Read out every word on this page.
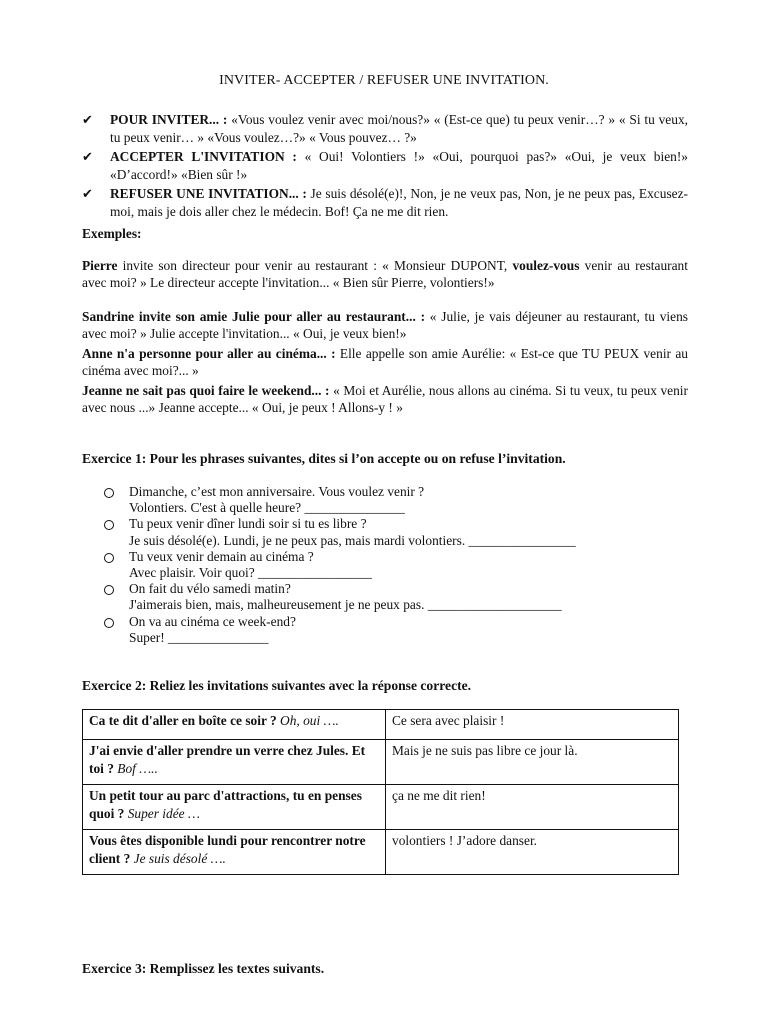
INVITER- ACCEPTER / REFUSER UNE INVITATION.
✔ POUR INVITER... : «Vous voulez venir avec moi/nous?» « (Est-ce que) tu peux venir…? » « Si tu veux, tu peux venir… » «Vous voulez…?» « Vous pouvez… ?»
✔ ACCEPTER L'INVITATION : « Oui! Volontiers !» «Oui, pourquoi pas?» «Oui, je veux bien!» «D’accord!» «Bien sûr !»
✔ REFUSER UNE INVITATION... : Je suis désolé(e)!, Non, je ne veux pas, Non, je ne peux pas, Excusez-moi, mais je dois aller chez le médecin. Bof! Ça ne me dit rien.
Exemples:
Pierre invite son directeur pour venir au restaurant : « Monsieur DUPONT, voulez-vous venir au restaurant avec moi? » Le directeur accepte l'invitation... « Bien sûr Pierre, volontiers!»
Sandrine invite son amie Julie pour aller au restaurant... : « Julie, je vais déjeuner au restaurant, tu viens avec moi? » Julie accepte l'invitation... « Oui, je veux bien!»
Anne n'a personne pour aller au cinéma... : Elle appelle son amie Aurélie: « Est-ce que TU PEUX venir au cinéma avec moi?... »
Jeanne ne sait pas quoi faire le weekend... : « Moi et Aurélie, nous allons au cinéma. Si tu veux, tu peux venir avec nous ...» Jeanne accepte... « Oui, je peux ! Allons-y ! »
Exercice 1: Pour les phrases suivantes, dites si l’on accepte ou on refuse l’invitation.
Dimanche, c’est mon anniversaire. Vous voulez venir ?
Volontiers. C'est à quelle heure? _______________
Tu peux venir dîner lundi soir si tu es libre ?
Je suis désolé(e). Lundi, je ne peux pas, mais mardi volontiers. ________________
Tu veux venir demain au cinéma ?
Avec plaisir. Voir quoi? _________________
On fait du vélo samedi matin?
J'aimerais bien, mais, malheureusement je ne peux pas. ____________________
On va au cinéma ce week-end?
Super! _______________
Exercice 2: Reliez les invitations suivantes avec la réponse correcte.
Ca te dit d'aller en boîte ce soir ? Oh, oui ….	Ce sera avec plaisir !
J'ai envie d'aller prendre un verre chez Jules. Et toi ? Bof …..	Mais je ne suis pas libre ce jour là.
Un petit tour au parc d'attractions, tu en penses quoi ? Super idée …	ça ne me dit rien!
Vous êtes disponible lundi pour rencontrer notre client ? Je suis désolé ….	volontiers ! J’adore danser.
Exercice 3: Remplissez les textes suivants.
